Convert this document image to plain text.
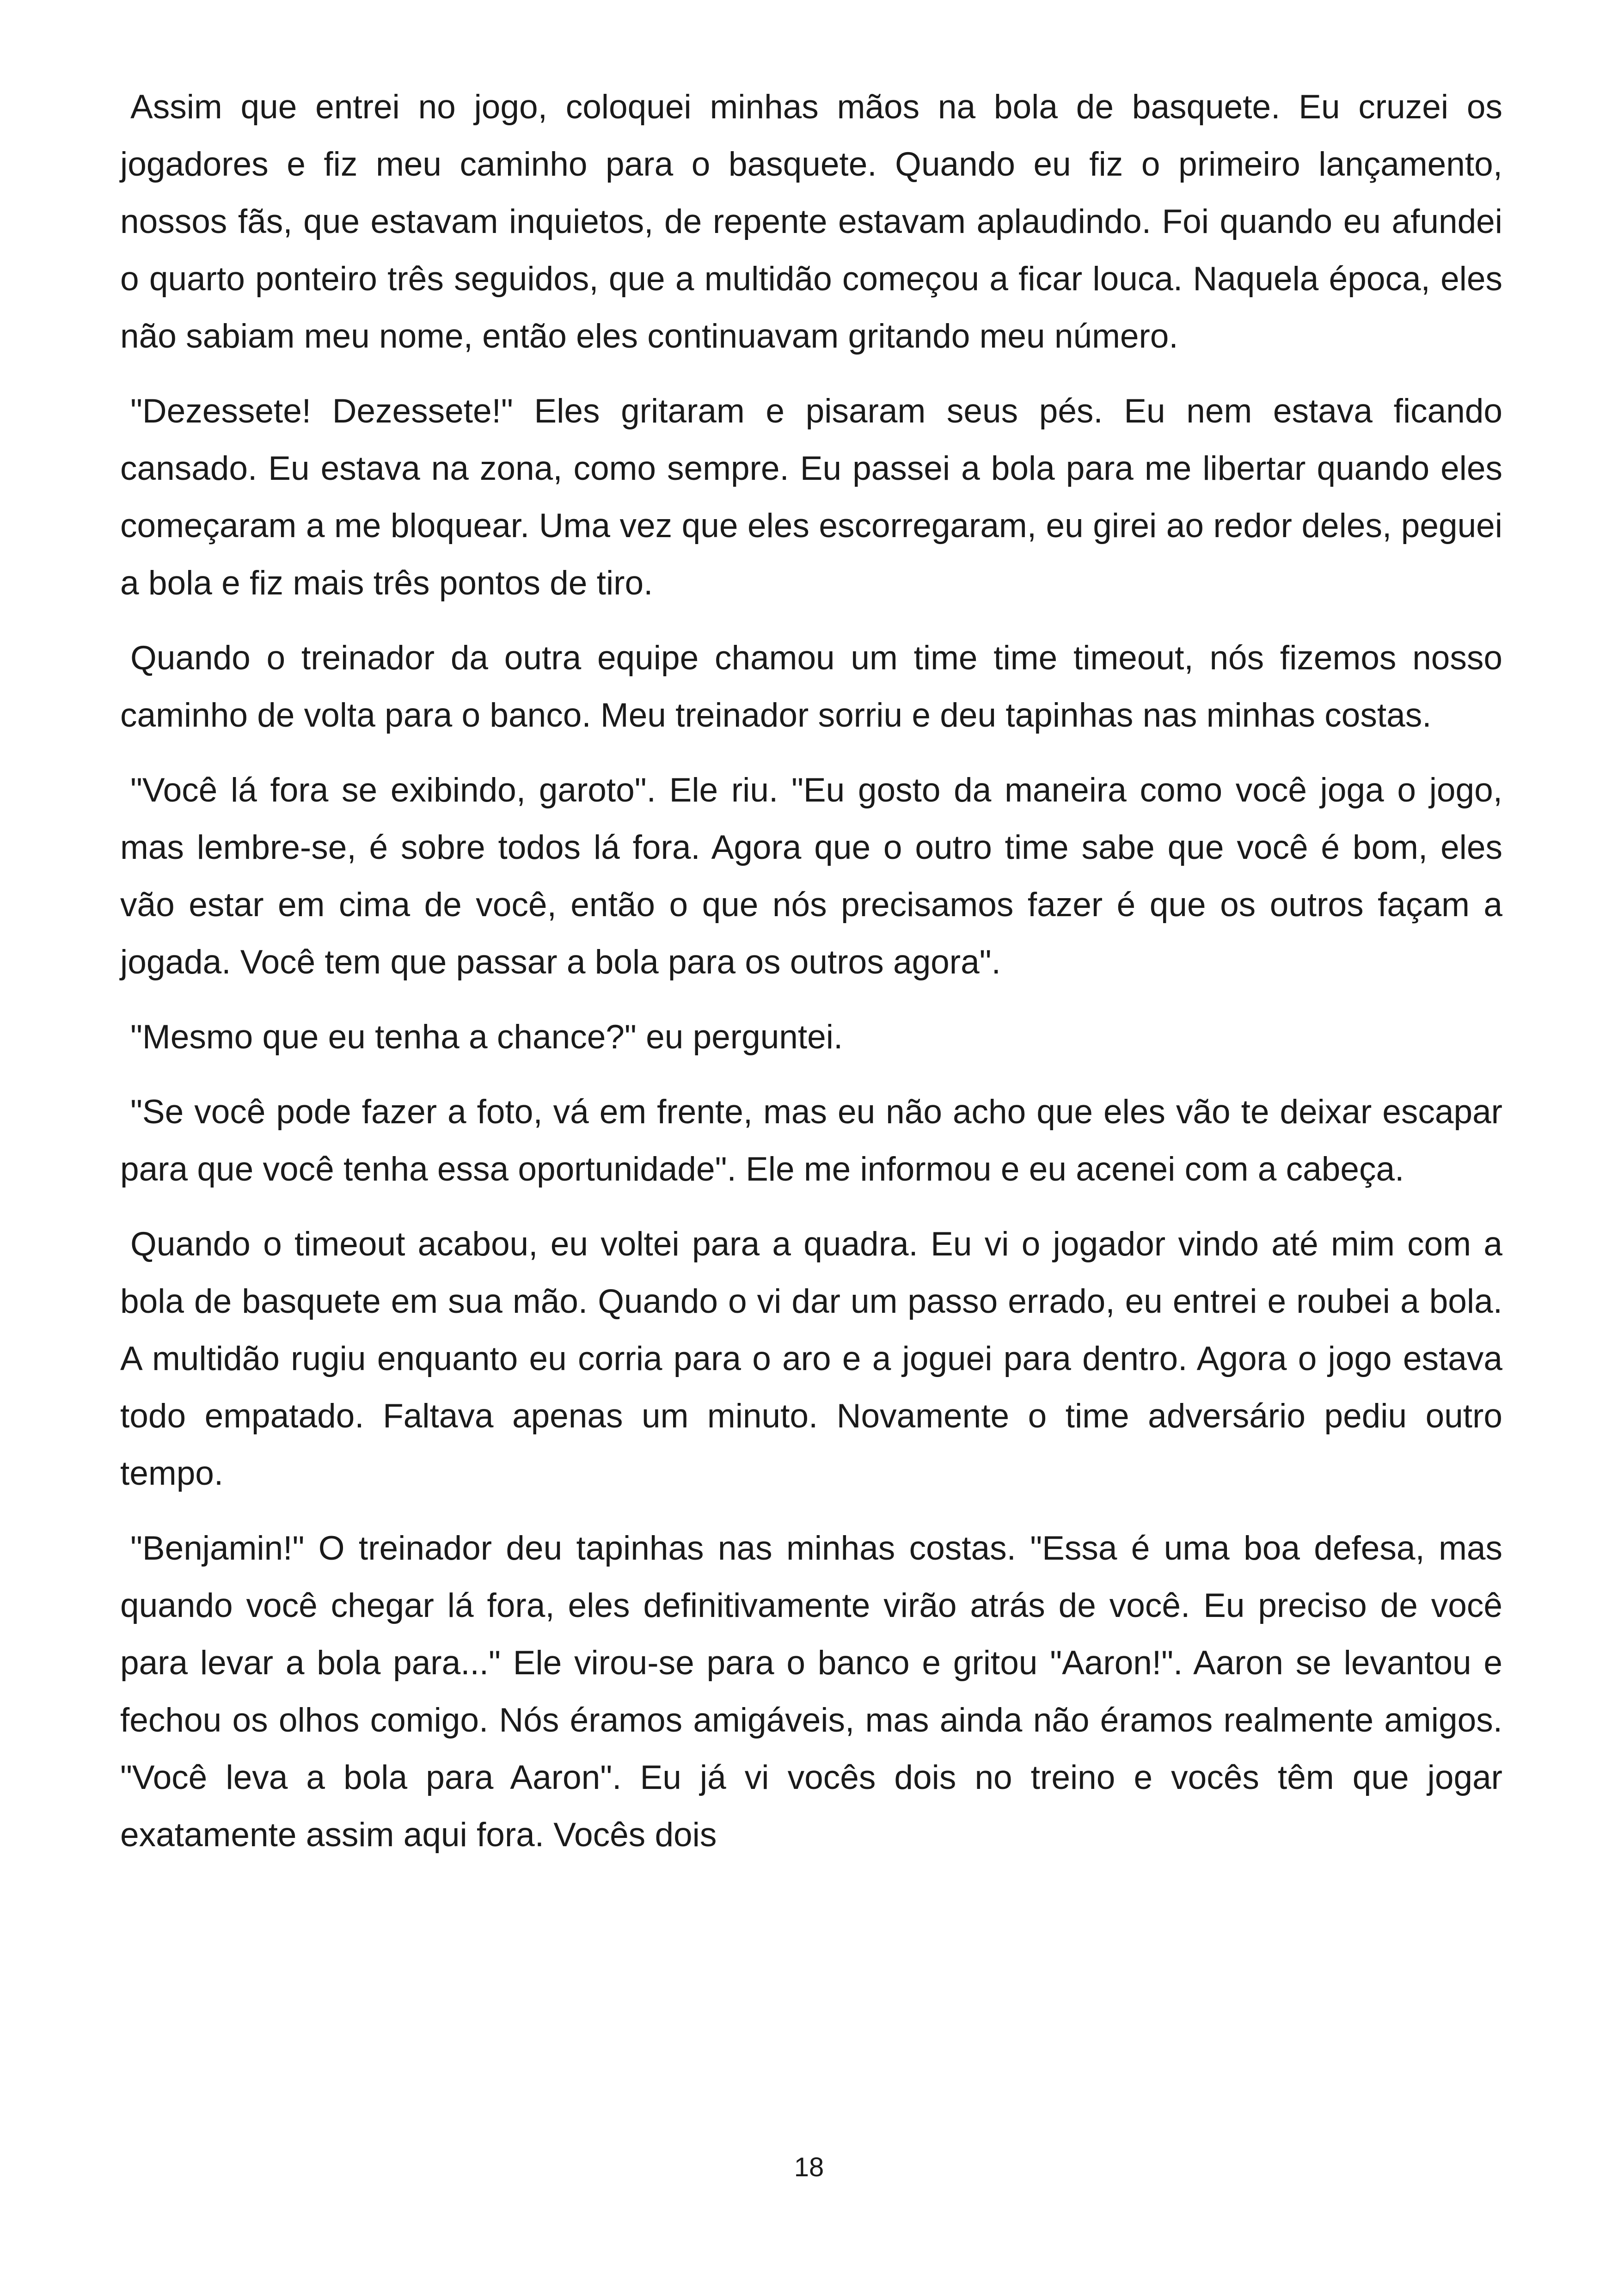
Assim que entrei no jogo, coloquei minhas mãos na bola de basquete. Eu cruzei os jogadores e fiz meu caminho para o basquete. Quando eu fiz o primeiro lançamento, nossos fãs, que estavam inquietos, de repente estavam aplaudindo. Foi quando eu afundei o quarto ponteiro três seguidos, que a multidão começou a ficar louca. Naquela época, eles não sabiam meu nome, então eles continuavam gritando meu número.

"Dezessete! Dezessete!" Eles gritaram e pisaram seus pés. Eu nem estava ficando cansado. Eu estava na zona, como sempre. Eu passei a bola para me libertar quando eles começaram a me bloquear. Uma vez que eles escorregaram, eu girei ao redor deles, peguei a bola e fiz mais três pontos de tiro.

Quando o treinador da outra equipe chamou um time time timeout, nós fizemos nosso caminho de volta para o banco. Meu treinador sorriu e deu tapinhas nas minhas costas.

"Você lá fora se exibindo, garoto". Ele riu. "Eu gosto da maneira como você joga o jogo, mas lembre-se, é sobre todos lá fora. Agora que o outro time sabe que você é bom, eles vão estar em cima de você, então o que nós precisamos fazer é que os outros façam a jogada. Você tem que passar a bola para os outros agora".

"Mesmo que eu tenha a chance?" eu perguntei.

"Se você pode fazer a foto, vá em frente, mas eu não acho que eles vão te deixar escapar para que você tenha essa oportunidade". Ele me informou e eu acenei com a cabeça.

Quando o timeout acabou, eu voltei para a quadra. Eu vi o jogador vindo até mim com a bola de basquete em sua mão. Quando o vi dar um passo errado, eu entrei e roubei a bola. A multidão rugiu enquanto eu corria para o aro e a joguei para dentro. Agora o jogo estava todo empatado. Faltava apenas um minuto. Novamente o time adversário pediu outro tempo.

"Benjamin!" O treinador deu tapinhas nas minhas costas. "Essa é uma boa defesa, mas quando você chegar lá fora, eles definitivamente virão atrás de você. Eu preciso de você para levar a bola para..." Ele virou-se para o banco e gritou "Aaron!". Aaron se levantou e fechou os olhos comigo. Nós éramos amigáveis, mas ainda não éramos realmente amigos. "Você leva a bola para Aaron". Eu já vi vocês dois no treino e vocês têm que jogar exatamente assim aqui fora. Vocês dois

18
